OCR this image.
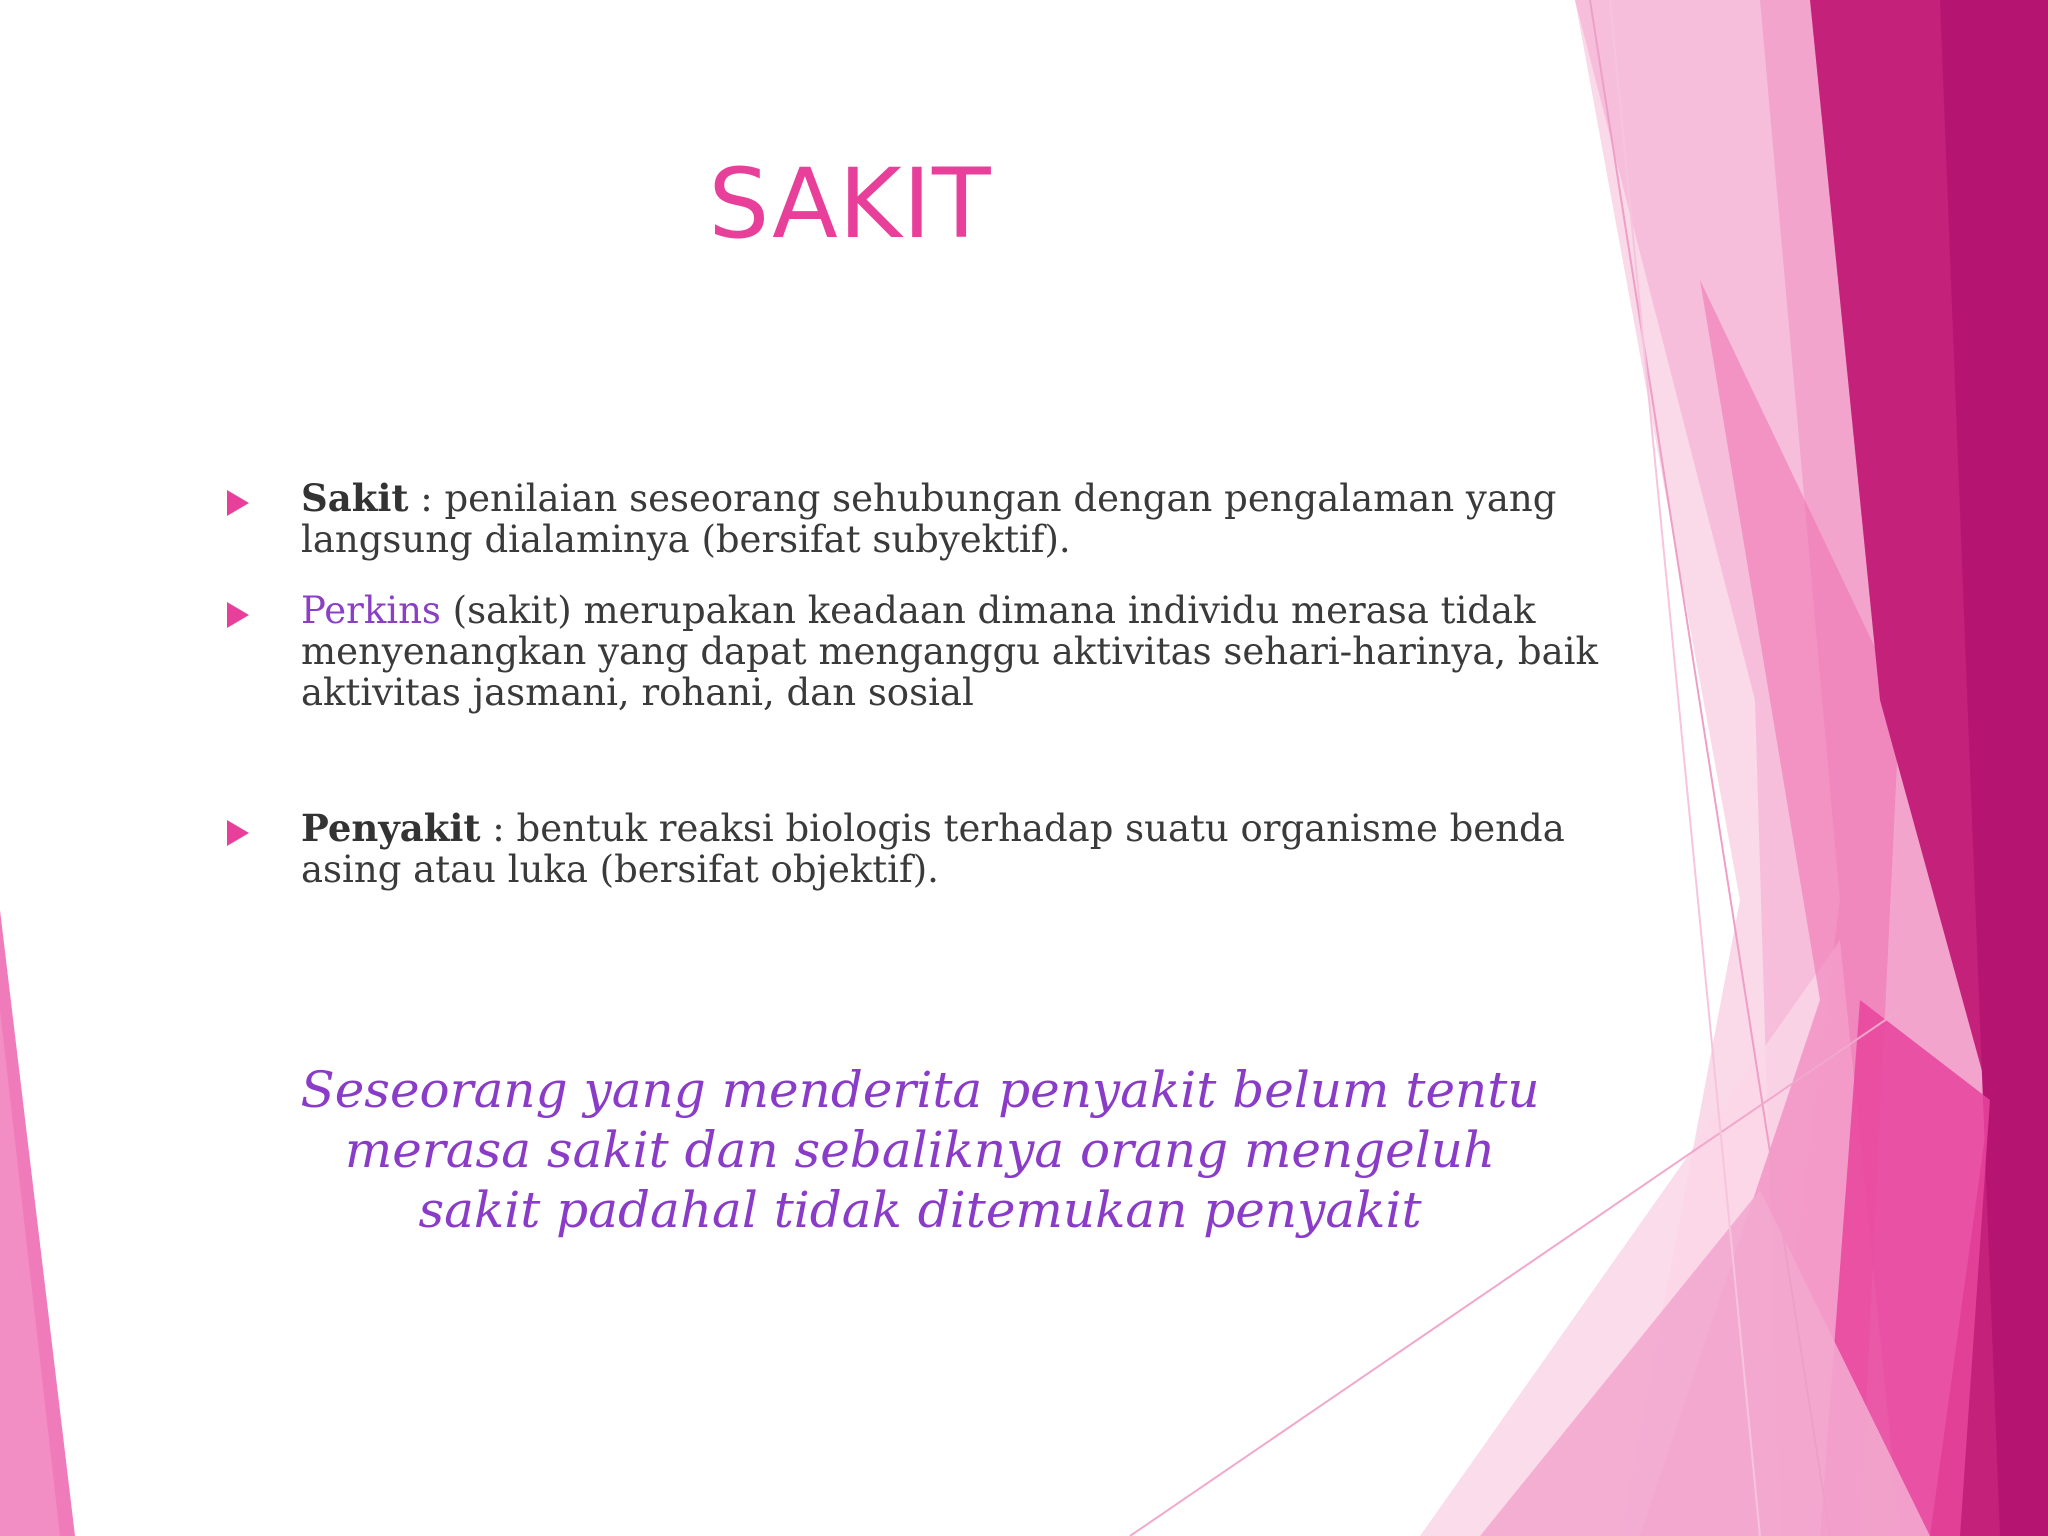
SAKIT
Sakit : penilaian seseorang sehubungan dengan pengalaman yang langsung dialaminya (bersifat subyektif).
Perkins (sakit) merupakan keadaan dimana individu merasa tidak menyenangkan yang dapat menganggu aktivitas sehari-harinya, baik aktivitas jasmani, rohani, dan sosial
Penyakit : bentuk reaksi biologis terhadap suatu organisme benda asing atau luka (bersifat objektif).
Seseorang yang menderita penyakit belum tentu
merasa sakit dan sebaliknya orang mengeluh
sakit padahal tidak ditemukan penyakit
